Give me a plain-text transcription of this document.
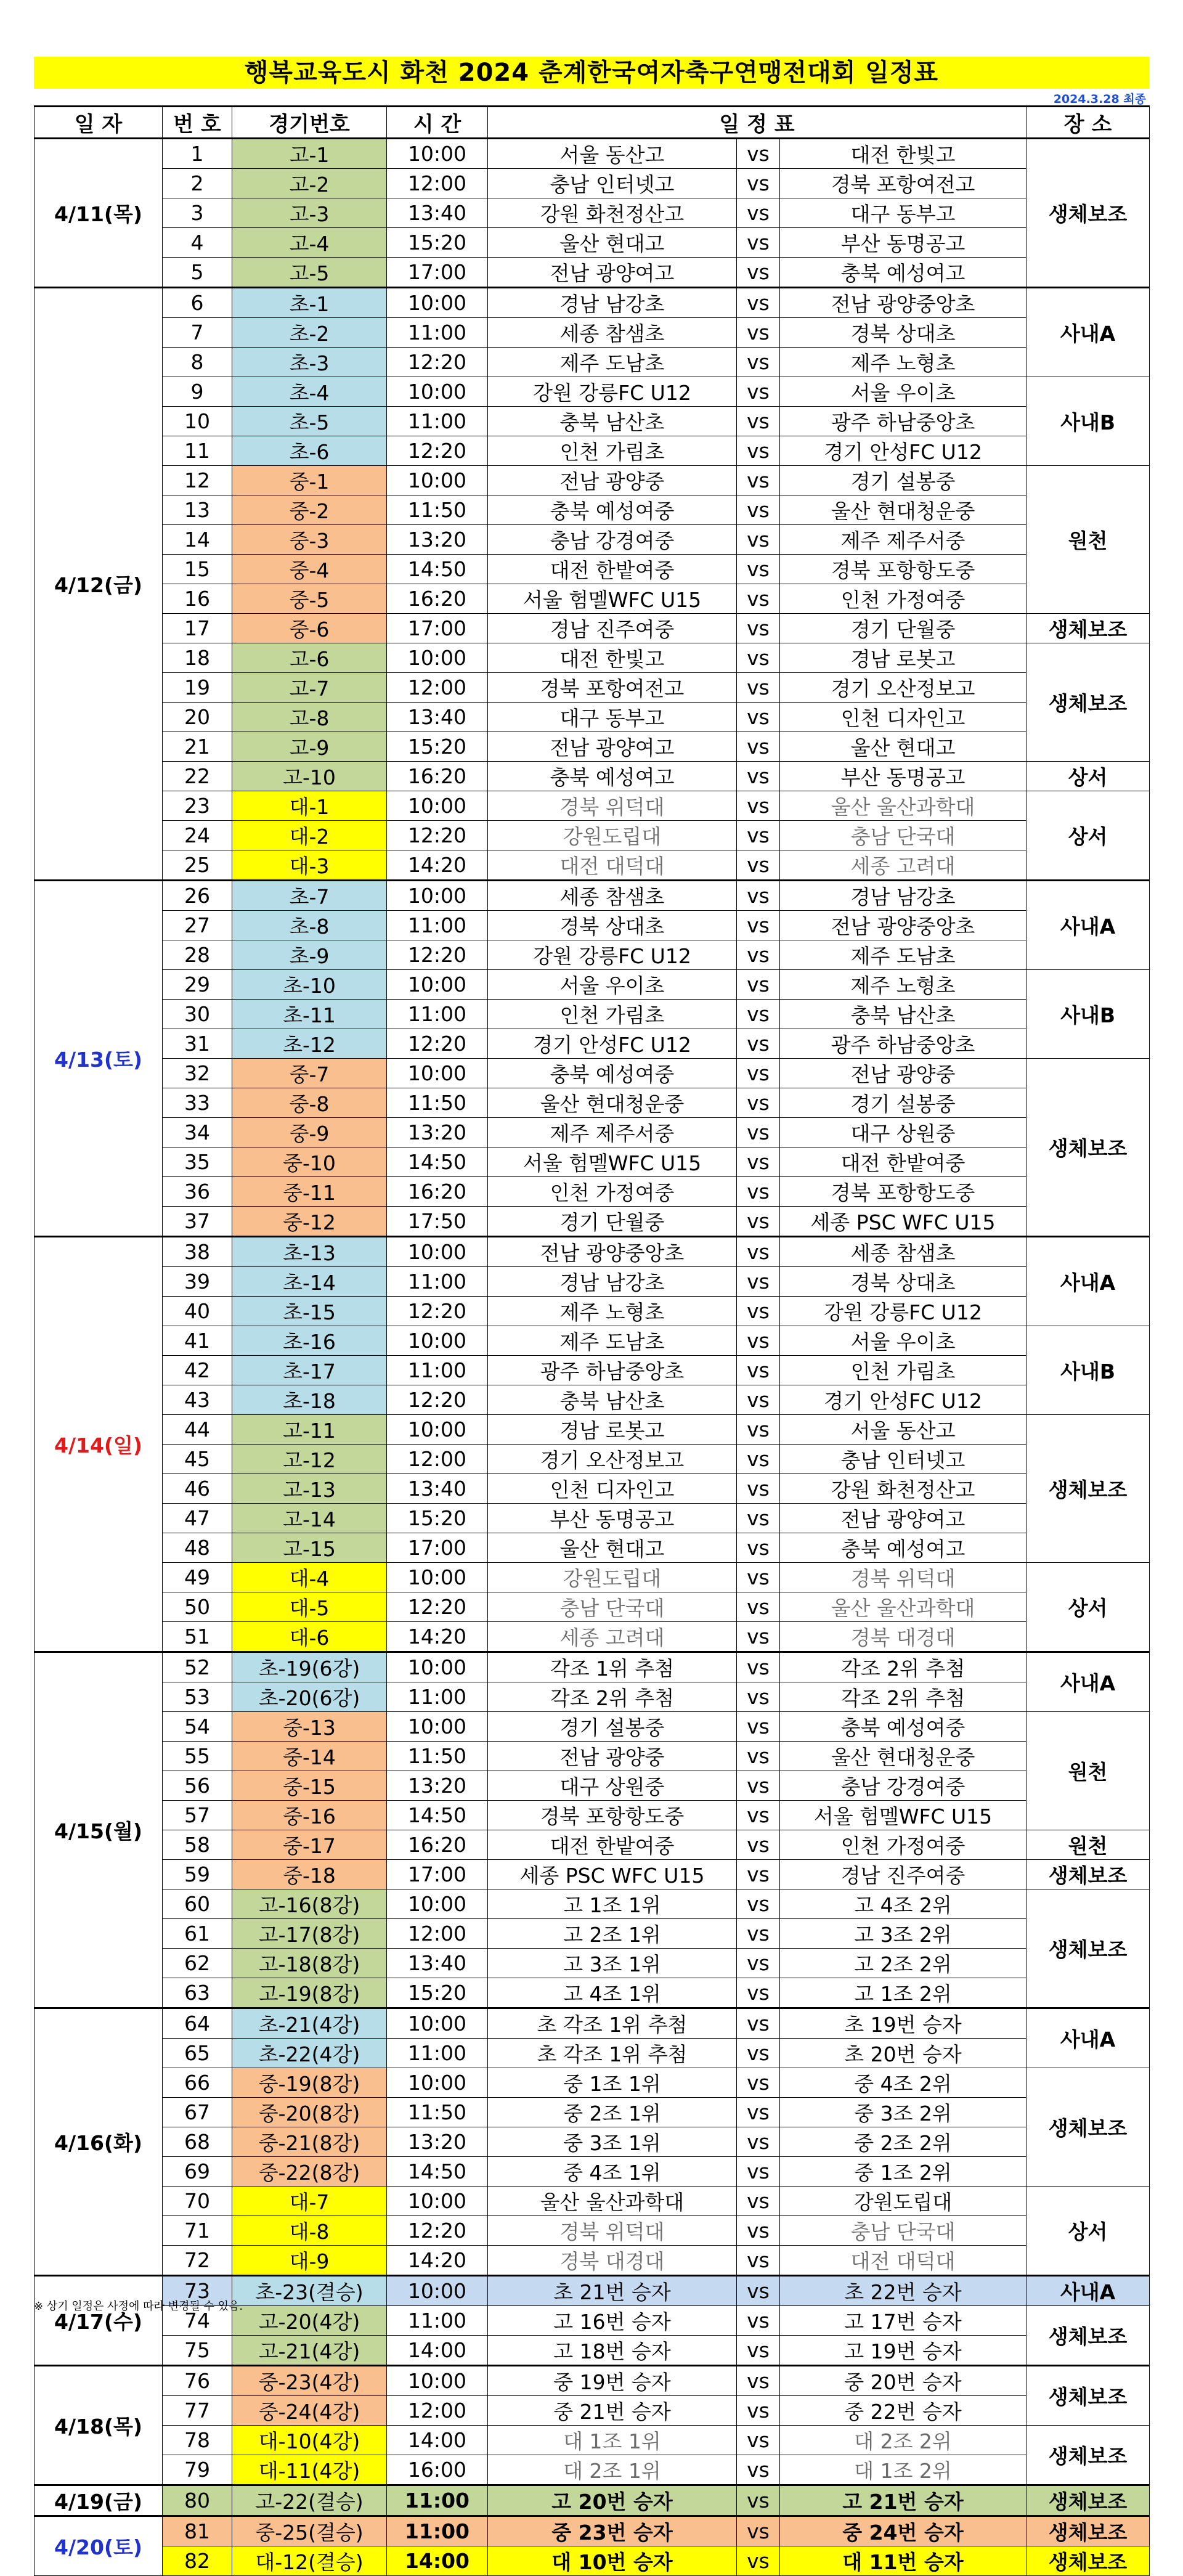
행복교육도시 화천 2024 춘계한국여자축구연맹전대회 일정표
2024.3.28 최종
일 자	번 호	경기번호	시 간	일 정 표			장 소
4/11(목)	1	고-1	10:00	서울 동산고	vs	대전 한빛고	생체보조
	2	고-2	12:00	충남 인터넷고	vs	경북 포항여전고	
	3	고-3	13:40	강원 화천정산고	vs	대구 동부고	
	4	고-4	15:20	울산 현대고	vs	부산 동명공고	
	5	고-5	17:00	전남 광양여고	vs	충북 예성여고	
4/12(금)	6	초-1	10:00	경남 남강초	vs	전남 광양중앙초	사내A
	7	초-2	11:00	세종 참샘초	vs	경북 상대초	
	8	초-3	12:20	제주 도남초	vs	제주 노형초	
	9	초-4	10:00	강원 강릉FC U12	vs	서울 우이초	사내B
	10	초-5	11:00	충북 남산초	vs	광주 하남중앙초	
	11	초-6	12:20	인천 가림초	vs	경기 안성FC U12	
	12	중-1	10:00	전남 광양중	vs	경기 설봉중	원천
	13	중-2	11:50	충북 예성여중	vs	울산 현대청운중	
	14	중-3	13:20	충남 강경여중	vs	제주 제주서중	
	15	중-4	14:50	대전 한밭여중	vs	경북 포항항도중	
	16	중-5	16:20	서울 험멜WFC U15	vs	인천 가정여중	
	17	중-6	17:00	경남 진주여중	vs	경기 단월중	생체보조
	18	고-6	10:00	대전 한빛고	vs	경남 로봇고	생체보조
	19	고-7	12:00	경북 포항여전고	vs	경기 오산정보고	
	20	고-8	13:40	대구 동부고	vs	인천 디자인고	
	21	고-9	15:20	전남 광양여고	vs	울산 현대고	
	22	고-10	16:20	충북 예성여고	vs	부산 동명공고	상서
	23	대-1	10:00	경북 위덕대	vs	울산 울산과학대	상서
	24	대-2	12:20	강원도립대	vs	충남 단국대	
	25	대-3	14:20	대전 대덕대	vs	세종 고려대	
4/13(토)	26	초-7	10:00	세종 참샘초	vs	경남 남강초	사내A
	27	초-8	11:00	경북 상대초	vs	전남 광양중앙초	
	28	초-9	12:20	강원 강릉FC U12	vs	제주 도남초	
	29	초-10	10:00	서울 우이초	vs	제주 노형초	사내B
	30	초-11	11:00	인천 가림초	vs	충북 남산초	
	31	초-12	12:20	경기 안성FC U12	vs	광주 하남중앙초	
	32	중-7	10:00	충북 예성여중	vs	전남 광양중	생체보조
	33	중-8	11:50	울산 현대청운중	vs	경기 설봉중	
	34	중-9	13:20	제주 제주서중	vs	대구 상원중	
	35	중-10	14:50	서울 험멜WFC U15	vs	대전 한밭여중	
	36	중-11	16:20	인천 가정여중	vs	경북 포항항도중	
	37	중-12	17:50	경기 단월중	vs	세종 PSC WFC U15	
4/14(일)	38	초-13	10:00	전남 광양중앙초	vs	세종 참샘초	사내A
	39	초-14	11:00	경남 남강초	vs	경북 상대초	
	40	초-15	12:20	제주 노형초	vs	강원 강릉FC U12	
	41	초-16	10:00	제주 도남초	vs	서울 우이초	사내B
	42	초-17	11:00	광주 하남중앙초	vs	인천 가림초	
	43	초-18	12:20	충북 남산초	vs	경기 안성FC U12	
	44	고-11	10:00	경남 로봇고	vs	서울 동산고	생체보조
	45	고-12	12:00	경기 오산정보고	vs	충남 인터넷고	
	46	고-13	13:40	인천 디자인고	vs	강원 화천정산고	
	47	고-14	15:20	부산 동명공고	vs	전남 광양여고	
	48	고-15	17:00	울산 현대고	vs	충북 예성여고	
	49	대-4	10:00	강원도립대	vs	경북 위덕대	상서
	50	대-5	12:20	충남 단국대	vs	울산 울산과학대	
	51	대-6	14:20	세종 고려대	vs	경북 대경대	
4/15(월)	52	초-19(6강)	10:00	각조 1위 추첨	vs	각조 2위 추첨	사내A
	53	초-20(6강)	11:00	각조 2위 추첨	vs	각조 2위 추첨	
	54	중-13	10:00	경기 설봉중	vs	충북 예성여중	원천
	55	중-14	11:50	전남 광양중	vs	울산 현대청운중	
	56	중-15	13:20	대구 상원중	vs	충남 강경여중	
	57	중-16	14:50	경북 포항항도중	vs	서울 험멜WFC U15	
	58	중-17	16:20	대전 한밭여중	vs	인천 가정여중	원천
	59	중-18	17:00	세종 PSC WFC U15	vs	경남 진주여중	생체보조
	60	고-16(8강)	10:00	고 1조 1위	vs	고 4조 2위	생체보조
	61	고-17(8강)	12:00	고 2조 1위	vs	고 3조 2위	
	62	고-18(8강)	13:40	고 3조 1위	vs	고 2조 2위	
	63	고-19(8강)	15:20	고 4조 1위	vs	고 1조 2위	
4/16(화)	64	초-21(4강)	10:00	초 각조 1위 추첨	vs	초 19번 승자	사내A
	65	초-22(4강)	11:00	초 각조 1위 추첨	vs	초 20번 승자	
	66	중-19(8강)	10:00	중 1조 1위	vs	중 4조 2위	생체보조
	67	중-20(8강)	11:50	중 2조 1위	vs	중 3조 2위	
	68	중-21(8강)	13:20	중 3조 1위	vs	중 2조 2위	
	69	중-22(8강)	14:50	중 4조 1위	vs	중 1조 2위	
	70	대-7	10:00	울산 울산과학대	vs	강원도립대	상서
	71	대-8	12:20	경북 위덕대	vs	충남 단국대	
	72	대-9	14:20	경북 대경대	vs	대전 대덕대	
4/17(수)	73	초-23(결승)	10:00	초 21번 승자	vs	초 22번 승자	사내A
	74	고-20(4강)	11:00	고 16번 승자	vs	고 17번 승자	생체보조
	75	고-21(4강)	14:00	고 18번 승자	vs	고 19번 승자	
4/18(목)	76	중-23(4강)	10:00	중 19번 승자	vs	중 20번 승자	생체보조
	77	중-24(4강)	12:00	중 21번 승자	vs	중 22번 승자	
	78	대-10(4강)	14:00	대 1조 1위	vs	대 2조 2위	생체보조
	79	대-11(4강)	16:00	대 2조 1위	vs	대 1조 2위	
4/19(금)	80	고-22(결승)	11:00	고 20번 승자	vs	고 21번 승자	생체보조
4/20(토)	81	중-25(결승)	11:00	중 23번 승자	vs	중 24번 승자	생체보조
	82	대-12(결승)	14:00	대 10번 승자	vs	대 11번 승자	생체보조
※ 상기 일정은 사정에 따라 변경될 수 있음.
